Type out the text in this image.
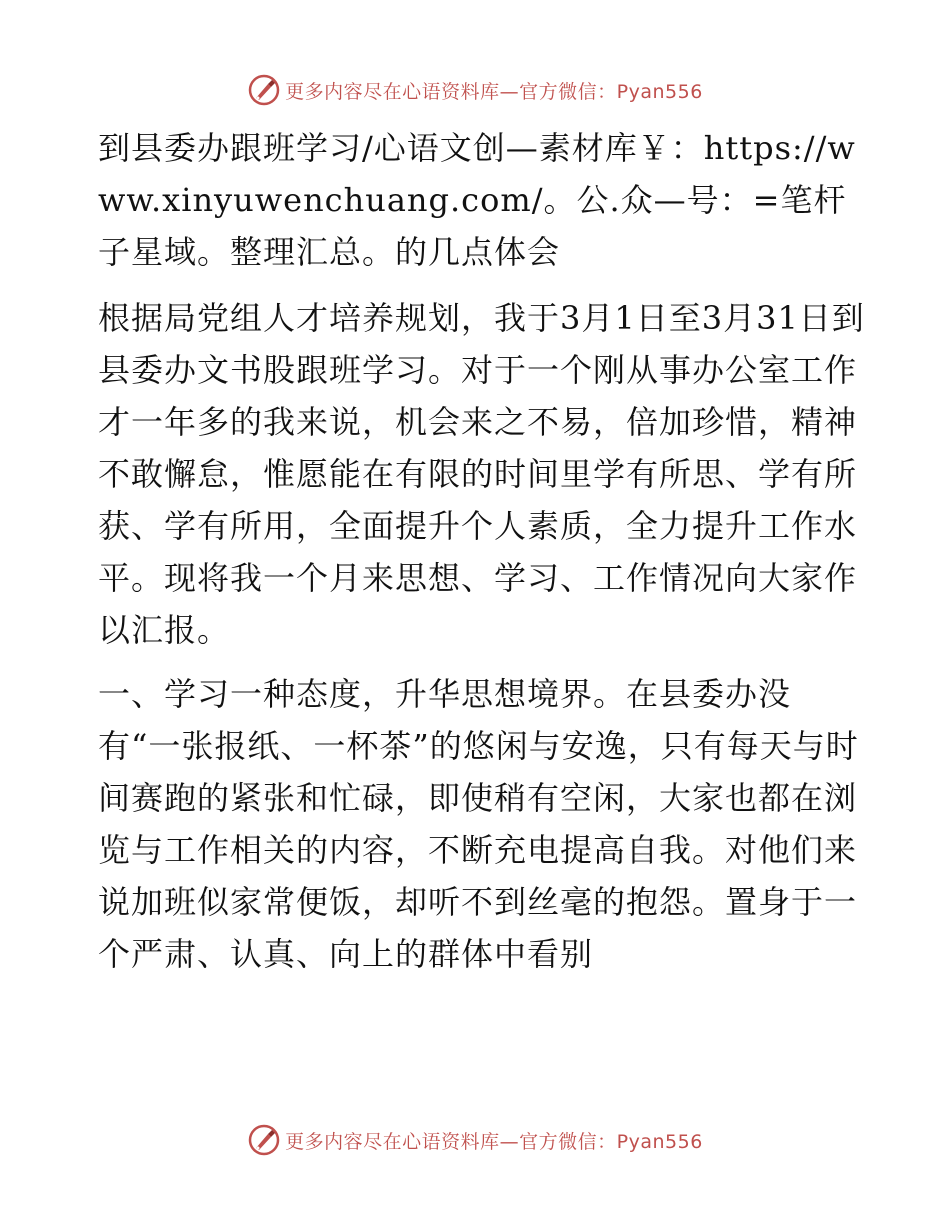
更多内容尽在心语资料库—官方微信：Pyan556

到县委办跟班学习/心语文创—素材库￥：https://www.xinyuwenchuang.com/。公.众—号：=笔杆子星域。整理汇总。的几点体会

根据局党组人才培养规划，我于3月1日至3月31日到县委办文书股跟班学习。对于一个刚从事办公室工作才一年多的我来说，机会来之不易，倍加珍惜，精神不敢懈怠，惟愿能在有限的时间里学有所思、学有所获、学有所用，全面提升个人素质，全力提升工作水平。现将我一个月来思想、学习、工作情况向大家作以汇报。

一、学习一种态度，升华思想境界。在县委办没有“一张报纸、一杯茶”的悠闲与安逸，只有每天与时间赛跑的紧张和忙碌，即使稍有空闲，大家也都在浏览与工作相关的内容，不断充电提高自我。对他们来说加班似家常便饭，却听不到丝毫的抱怨。置身于一个严肃、认真、向上的群体中看别

更多内容尽在心语资料库—官方微信：Pyan556
